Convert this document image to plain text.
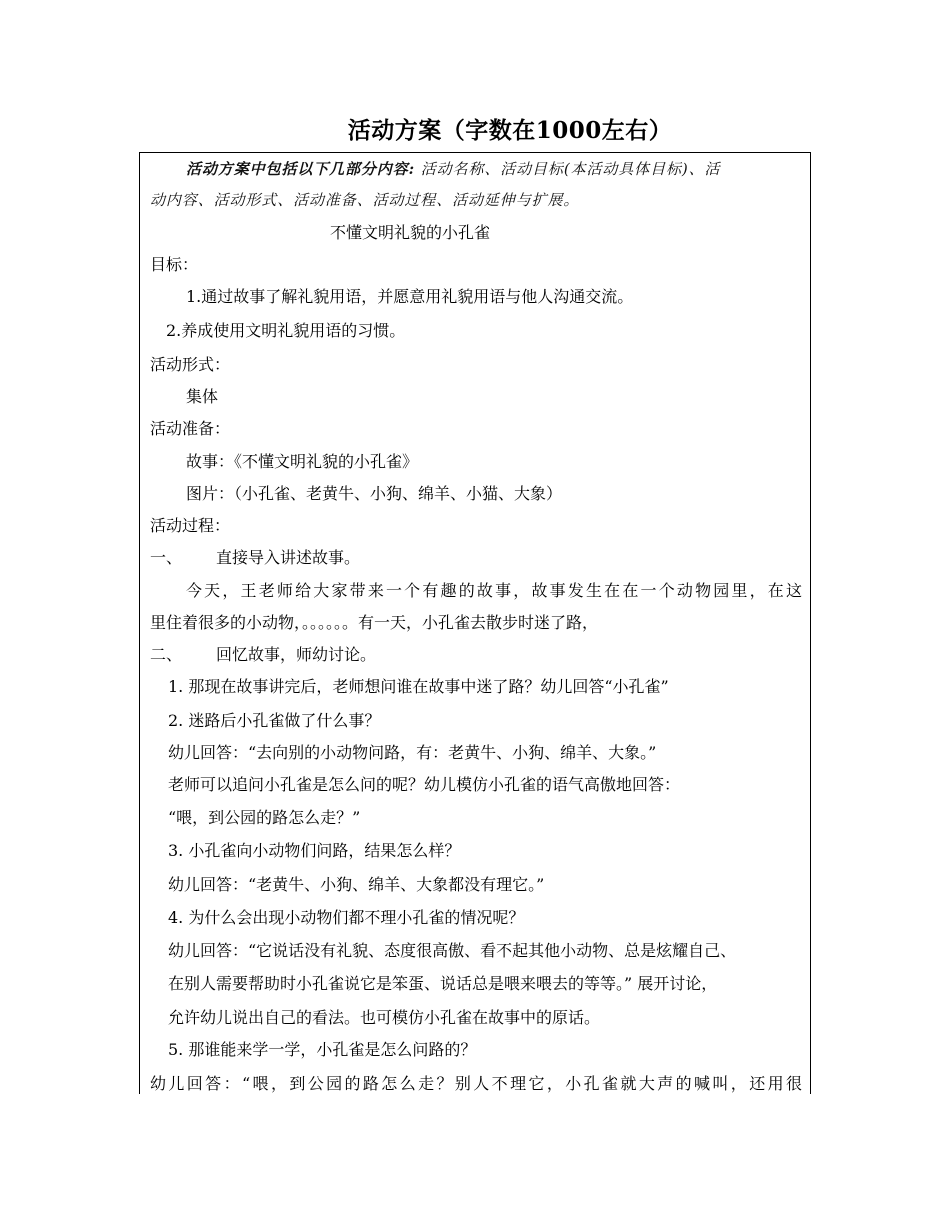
活动方案（字数在1000左右）
活动方案中包括以下几部分内容: 活动名称、活动目标(本活动具体目标)、活
动内容、活动形式、活动准备、活动过程、活动延伸与扩展。
不懂文明礼貌的小孔雀
目标：
1.通过故事了解礼貌用语，并愿意用礼貌用语与他人沟通交流。
2.养成使用文明礼貌用语的习惯。
活动形式：
集体
活动准备：
故事：《不懂文明礼貌的小孔雀》
图片：（小孔雀、老黄牛、小狗、绵羊、小猫、大象）
活动过程：
一、 直接导入讲述故事。
今天，王老师给大家带来一个有趣的故事，故事发生在在一个动物园里，在这
里住着很多的小动物，。。。。。。有一天，小孔雀去散步时迷了路，
二、 回忆故事，师幼讨论。
1. 那现在故事讲完后，老师想问谁在故事中迷了路？幼儿回答“小孔雀”
2. 迷路后小孔雀做了什么事？
幼儿回答：“去向别的小动物问路，有：老黄牛、小狗、绵羊、大象。”
老师可以追问小孔雀是怎么问的呢？幼儿模仿小孔雀的语气高傲地回答：
“喂，到公园的路怎么走？”
3. 小孔雀向小动物们问路，结果怎么样？
幼儿回答：“老黄牛、小狗、绵羊、大象都没有理它。”
4. 为什么会出现小动物们都不理小孔雀的情况呢？
幼儿回答：“它说话没有礼貌、态度很高傲、看不起其他小动物、总是炫耀自己、
在别人需要帮助时小孔雀说它是笨蛋、说话总是喂来喂去的等等。” 展开讨论，
允许幼儿说出自己的看法。也可模仿小孔雀在故事中的原话。
5. 那谁能来学一学，小孔雀是怎么问路的？
幼儿回答：“喂，到公园的路怎么走？别人不理它，小孔雀就大声的喊叫，还用很
